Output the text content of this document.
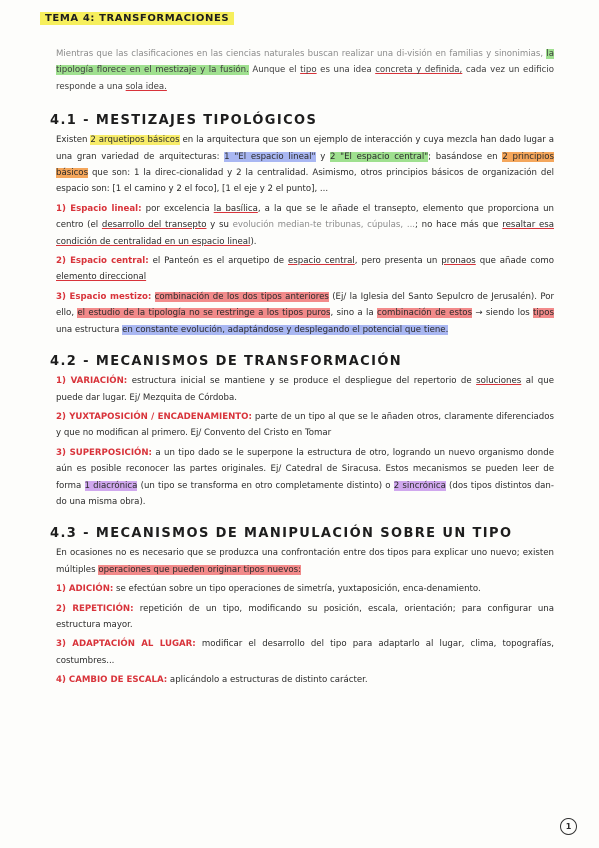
TEMA 4: TRANSFORMACIONES

Mientras que las clasificaciones en las ciencias naturales buscan realizar una di-visión en familias y sinonimias, la tipología florece en el mestizaje y la fusión. Aunque el tipo es una idea concreta y definida, cada vez un edificio responde a una sola idea.

4.1 - MESTIZAJES TIPOLÓGICOS

Existen 2 arquetipos básicos en la arquitectura que son un ejemplo de interacción y cuya mezcla han dado lugar a una gran variedad de arquitecturas: 1 "El espacio lineal" y 2 "El espacio central"; basándose en 2 principios básicos que son: 1 la direc-cionalidad y 2 la centralidad. Asimismo, otros principios básicos de organización del espacio son: [1 el camino y 2 el foco], [1 el eje y 2 el punto], ...

1) Espacio lineal: por excelencia la basílica, a la que se le añade el transepto, elemento que proporciona un centro (el desarrollo del transepto y su evolución median-te tribunas, cúpulas, ...; no hace más que resaltar esa condición de centralidad en un espacio lineal).

2) Espacio central: el Panteón es el arquetipo de espacio central, pero presenta un pronaos que añade como elemento direccional

3) Espacio mestizo: combinación de los dos tipos anteriores (Ej/ la Iglesia del Santo Sepulcro de Jerusalén). Por ello, el estudio de la tipología no se restringe a los tipos puros, sino a la combinación de estos → siendo los tipos una estructura en constante evolución, adaptándose y desplegando el potencial que tiene.

4.2 - MECANISMOS DE TRANSFORMACIÓN

1) VARIACIÓN: estructura inicial se mantiene y se produce el despliegue del repertorio de soluciones al que puede dar lugar. Ej/ Mezquita de Córdoba.

2) YUXTAPOSICIÓN / ENCADENAMIENTO: parte de un tipo al que se le añaden otros, claramente diferenciados y que no modifican al primero. Ej/ Convento del Cristo en Tomar

3) SUPERPOSICIÓN: a un tipo dado se le superpone la estructura de otro, logrando un nuevo organismo donde aún es posible reconocer las partes originales. Ej/ Catedral de Siracusa. Estos mecanismos se pueden leer de forma 1 diacrónica (un tipo se transforma en otro completamente distinto) o 2 sincrónica (dos tipos distintos dan-do una misma obra).

4.3 - MECANISMOS DE MANIPULACIÓN SOBRE UN TIPO

En ocasiones no es necesario que se produzca una confrontación entre dos tipos para explicar uno nuevo; existen múltiples operaciones que pueden originar tipos nuevos:

1) ADICIÓN: se efectúan sobre un tipo operaciones de simetría, yuxtaposición, enca-denamiento.

2) REPETICIÓN: repetición de un tipo, modificando su posición, escala, orientación; para configurar una estructura mayor.

3) ADAPTACIÓN AL LUGAR: modificar el desarrollo del tipo para adaptarlo al lugar, clima, topografías, costumbres...

4) CAMBIO DE ESCALA: aplicándolo a estructuras de distinto carácter.

1
